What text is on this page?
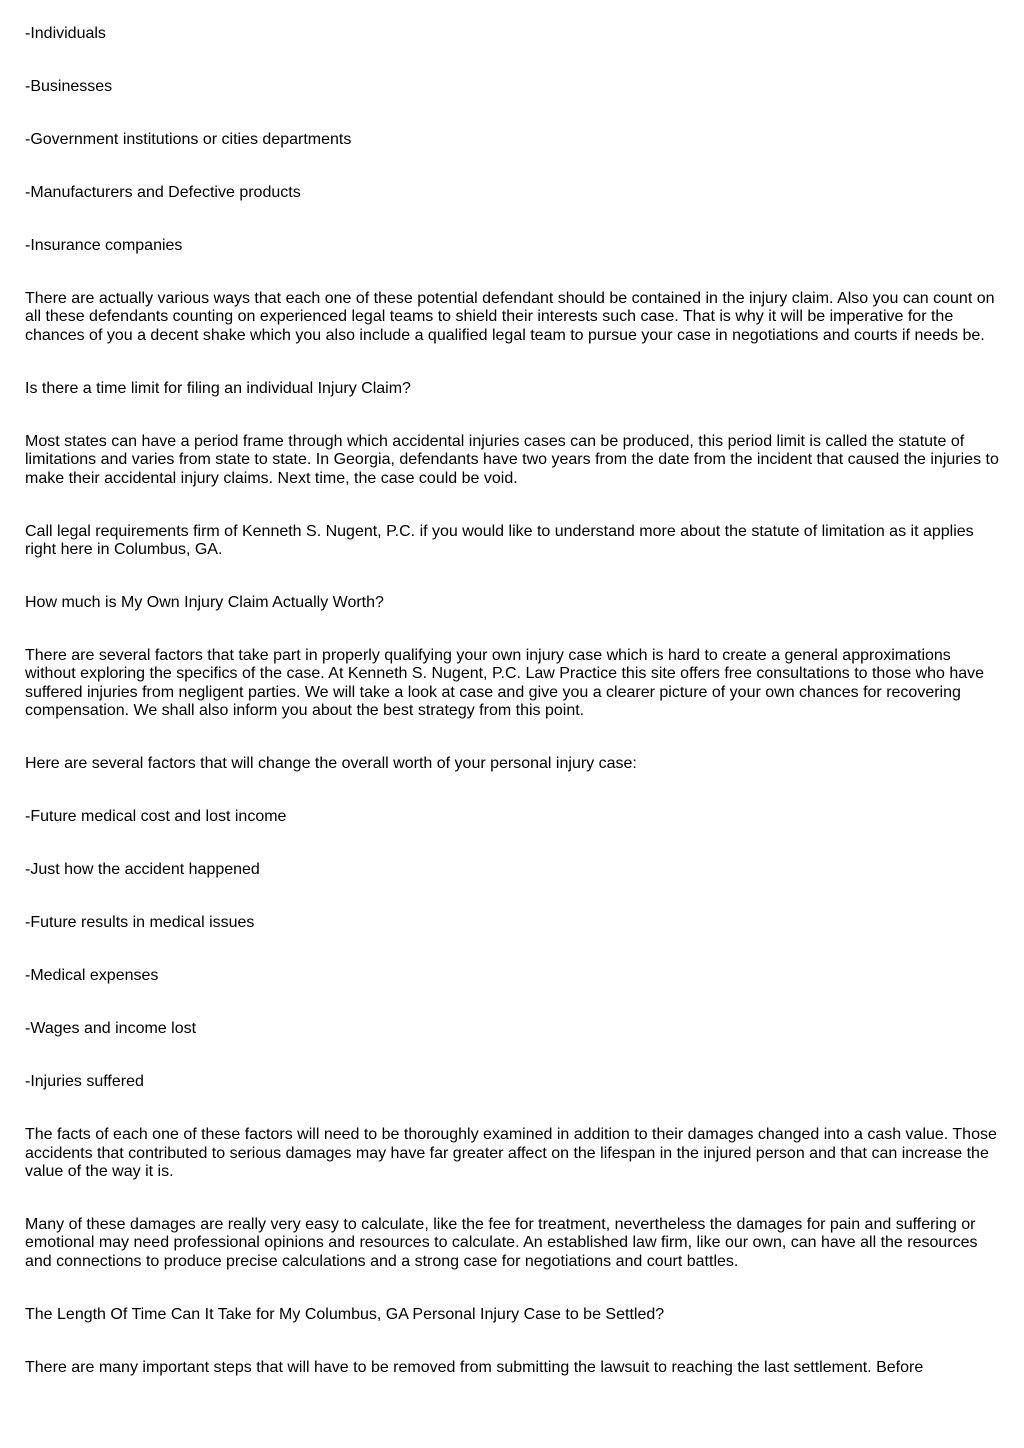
-Individuals

-Businesses

-Government institutions or cities departments

-Manufacturers and Defective products

-Insurance companies

There are actually various ways that each one of these potential defendant should be contained in the injury claim. Also you can count on all these defendants counting on experienced legal teams to shield their interests such case. That is why it will be imperative for the chances of you a decent shake which you also include a qualified legal team to pursue your case in negotiations and courts if needs be.

Is there a time limit for filing an individual Injury Claim?

Most states can have a period frame through which accidental injuries cases can be produced, this period limit is called the statute of limitations and varies from state to state. In Georgia, defendants have two years from the date from the incident that caused the injuries to make their accidental injury claims. Next time, the case could be void.

Call legal requirements firm of Kenneth S. Nugent, P.C. if you would like to understand more about the statute of limitation as it applies right here in Columbus, GA.

How much is My Own Injury Claim Actually Worth?

There are several factors that take part in properly qualifying your own injury case which is hard to create a general approximations without exploring the specifics of the case. At Kenneth S. Nugent, P.C. Law Practice this site offers free consultations to those who have suffered injuries from negligent parties. We will take a look at case and give you a clearer picture of your own chances for recovering compensation. We shall also inform you about the best strategy from this point.

Here are several factors that will change the overall worth of your personal injury case:

-Future medical cost and lost income

-Just how the accident happened

-Future results in medical issues

-Medical expenses

-Wages and income lost

-Injuries suffered

The facts of each one of these factors will need to be thoroughly examined in addition to their damages changed into a cash value. Those accidents that contributed to serious damages may have far greater affect on the lifespan in the injured person and that can increase the value of the way it is.

Many of these damages are really very easy to calculate, like the fee for treatment, nevertheless the damages for pain and suffering or emotional may need professional opinions and resources to calculate. An established law firm, like our own, can have all the resources and connections to produce precise calculations and a strong case for negotiations and court battles.

The Length Of Time Can It Take for My Columbus, GA Personal Injury Case to be Settled?

There are many important steps that will have to be removed from submitting the lawsuit to reaching the last settlement. Before
